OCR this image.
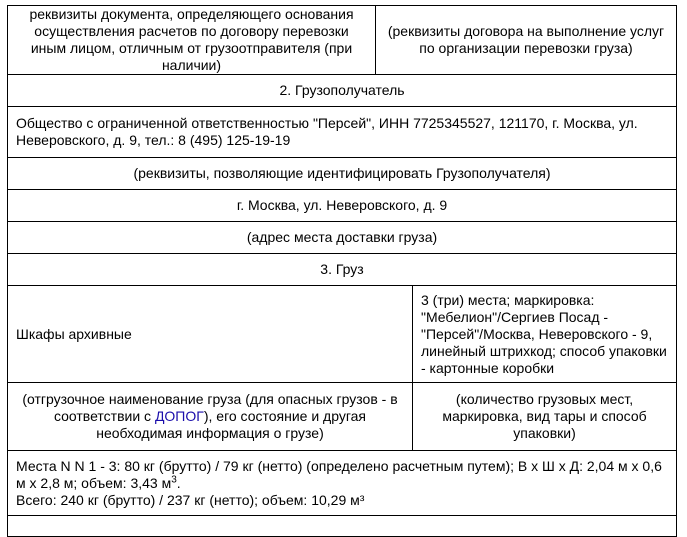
реквизиты документа, определяющего основания осуществления расчетов по договору перевозки иным лицом, отличным от грузоотправителя (при наличии)	(реквизиты договора на выполнение услуг по организации перевозки груза)	
2. Грузополучатель		
Общество с ограниченной ответственностью "Персей", ИНН 7725345527, 121170, г. Москва, ул. Неверовского, д. 9, тел.: 8 (495) 125-19-19		
(реквизиты, позволяющие идентифицировать Грузополучателя)		
г. Москва, ул. Неверовского, д. 9		
(адрес места доставки груза)		
3. Груз		
Шкафы архивные		3 (три) места; маркировка: "Мебелион"/Сергиев Посад - "Персей"/Москва, Неверовского - 9, линейный штрихкод; способ упаковки - картонные коробки
(отгрузочное наименование груза (для опасных грузов - в соответствии с ДОПОГ), его состояние и другая необходимая информация о грузе)		(количество грузовых мест, маркировка, вид тары и способ упаковки)
Места N N 1 - 3: 80 кг (брутто) / 79 кг (нетто) (определено расчетным путем); В x Ш x Д: 2,04 м x 0,6 м x 2,8 м; объем: 3,43 $м^3$.
Всего: 240 кг (брутто) / 237 кг (нетто); объем: 10,29 м³		
